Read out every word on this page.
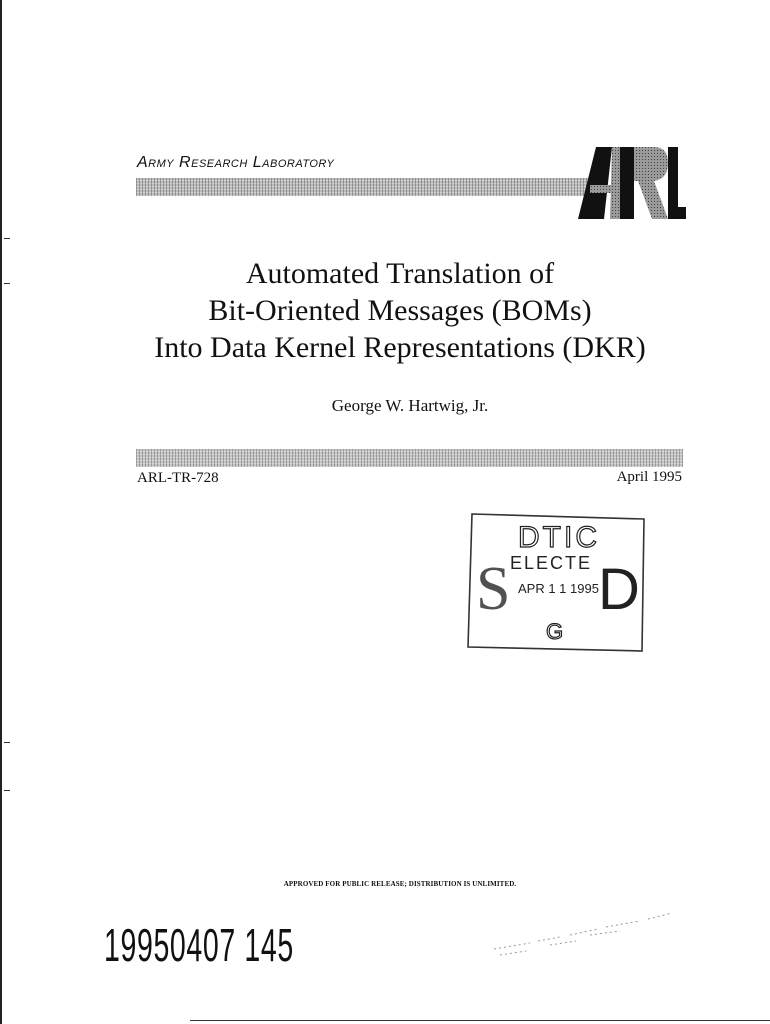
Army Research Laboratory
ARL
Automated Translation of
Bit-Oriented Messages (BOMs)
Into Data Kernel Representations (DKR)
George W. Hartwig, Jr.
ARL-TR-728	April 1995
DTIC
ELECTE
APR 1 1 1995
S D
G
APPROVED FOR PUBLIC RELEASE; DISTRIBUTION IS UNLIMITED.
19950407 145
